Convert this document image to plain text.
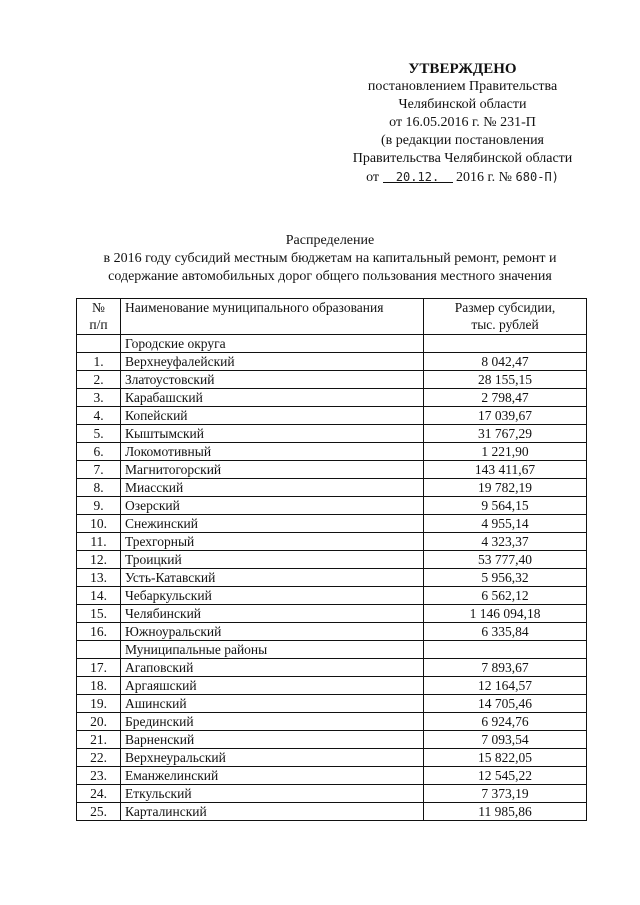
УТВЕРЖДЕНО
постановлением Правительства
Челябинской области
от 16.05.2016 г. № 231-П
(в редакции постановления
Правительства Челябинской области
от 20.12. 2016 г. № 680-П)
Распределение
в 2016 году субсидий местным бюджетам на капитальный ремонт, ремонт и
содержание автомобильных дорог общего пользования местного значения
№
п/п	Наименование муниципального образования	Размер субсидии,
тыс. рублей

	Городские округа	
1.	Верхнеуфалейский	8 042,47
2.	Златоустовский	28 155,15
3.	Карабашский	2 798,47
4.	Копейский	17 039,67
5.	Кыштымский	31 767,29
6.	Локомотивный	1 221,90
7.	Магнитогорский	143 411,67
8.	Миасский	19 782,19
9.	Озерский	9 564,15
10.	Снежинский	4 955,14
11.	Трехгорный	4 323,37
12.	Троицкий	53 777,40
13.	Усть-Катавский	5 956,32
14.	Чебаркульский	6 562,12
15.	Челябинский	1 146 094,18
16.	Южноуральский	6 335,84
	Муниципальные районы	
17.	Агаповский	7 893,67
18.	Аргаяшский	12 164,57
19.	Ашинский	14 705,46
20.	Брединский	6 924,76
21.	Варненский	7 093,54
22.	Верхнеуральский	15 822,05
23.	Еманжелинский	12 545,22
24.	Еткульский	7 373,19
25.	Карталинский	11 985,86
